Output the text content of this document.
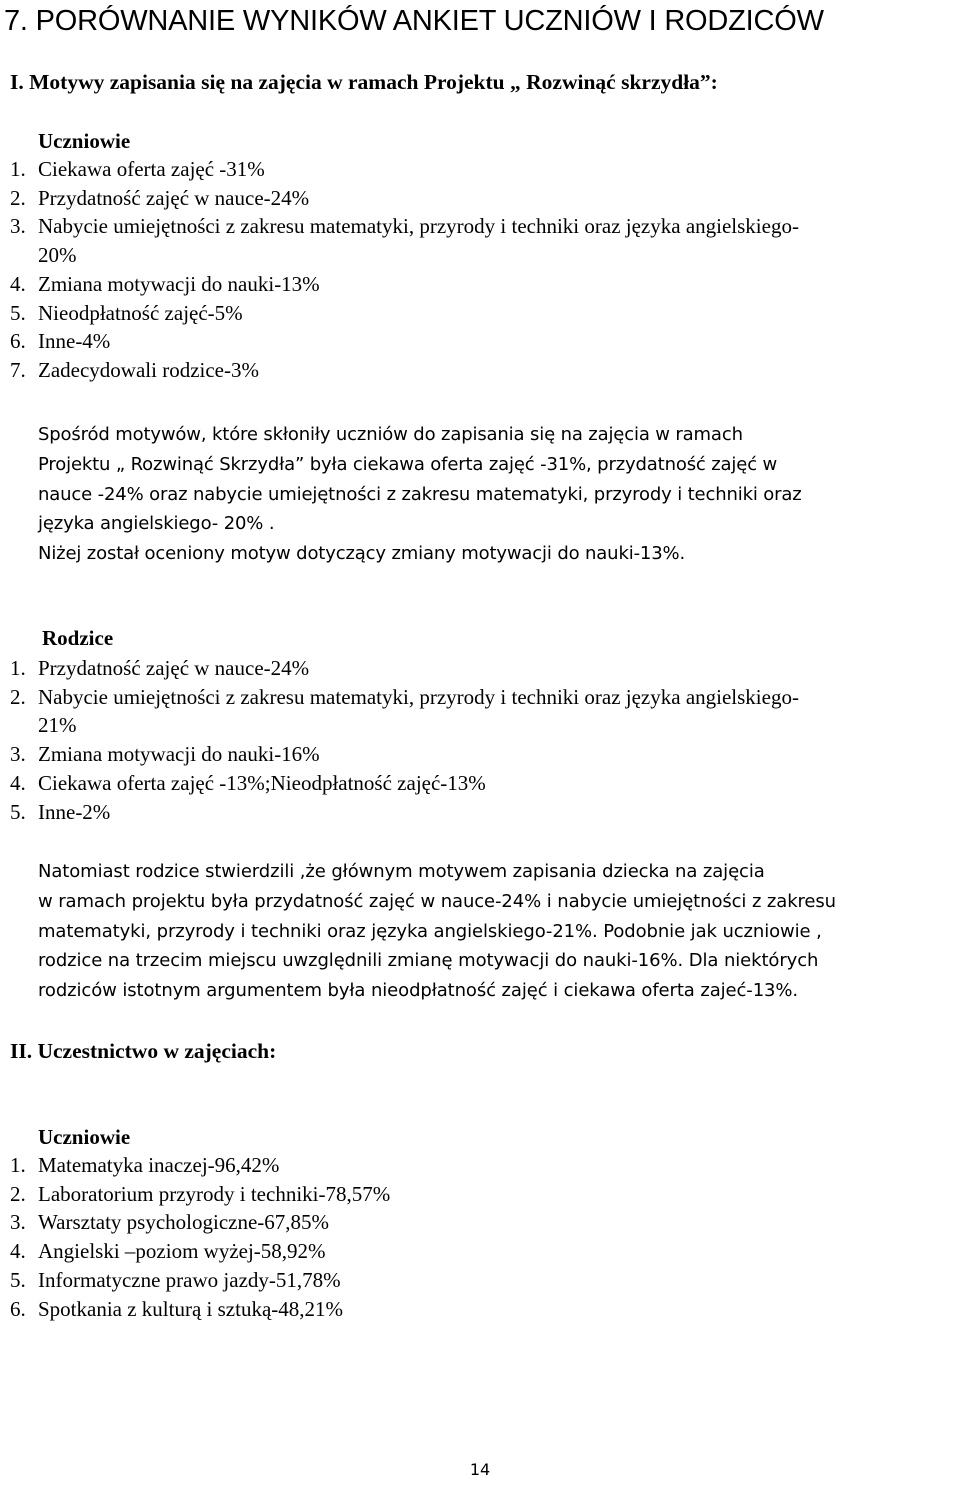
7. PORÓWNANIE WYNIKÓW ANKIET UCZNIÓW I RODZICÓW
I. Motywy zapisania się na zajęcia w ramach Projektu „ Rozwinąć skrzydła”:
Uczniowie
1. Ciekawa oferta zajęć -31%
2. Przydatność zajęć w nauce-24%
3. Nabycie umiejętności z zakresu matematyki, przyrody i techniki oraz języka angielskiego-
20%
4. Zmiana motywacji do nauki-13%
5. Nieodpłatność zajęć-5%
6. Inne-4%
7. Zadecydowali rodzice-3%
Spośród motywów, które skłoniły uczniów do zapisania się na zajęcia w ramach
Projektu „ Rozwinąć Skrzydła” była ciekawa oferta zajęć -31%, przydatność zajęć w
nauce -24% oraz nabycie umiejętności z zakresu matematyki, przyrody i techniki oraz
języka angielskiego- 20% .
Niżej został oceniony motyw dotyczący zmiany motywacji do nauki-13%.
Rodzice
1. Przydatność zajęć w nauce-24%
2. Nabycie umiejętności z zakresu matematyki, przyrody i techniki oraz języka angielskiego-
21%
3. Zmiana motywacji do nauki-16%
4. Ciekawa oferta zajęć -13%;Nieodpłatność zajęć-13%
5. Inne-2%
Natomiast rodzice stwierdzili ,że głównym motywem zapisania dziecka na zajęcia
w ramach projektu była przydatność zajęć w nauce-24% i nabycie umiejętności z zakresu
matematyki, przyrody i techniki oraz języka angielskiego-21%. Podobnie jak uczniowie ,
rodzice na trzecim miejscu uwzględnili zmianę motywacji do nauki-16%. Dla niektórych
rodziców istotnym argumentem była nieodpłatność zajęć i ciekawa oferta zajeć-13%.
II. Uczestnictwo w zajęciach:
Uczniowie
1. Matematyka inaczej-96,42%
2. Laboratorium przyrody i techniki-78,57%
3. Warsztaty psychologiczne-67,85%
4. Angielski –poziom wyżej-58,92%
5. Informatyczne prawo jazdy-51,78%
6. Spotkania z kulturą i sztuką-48,21%
14
